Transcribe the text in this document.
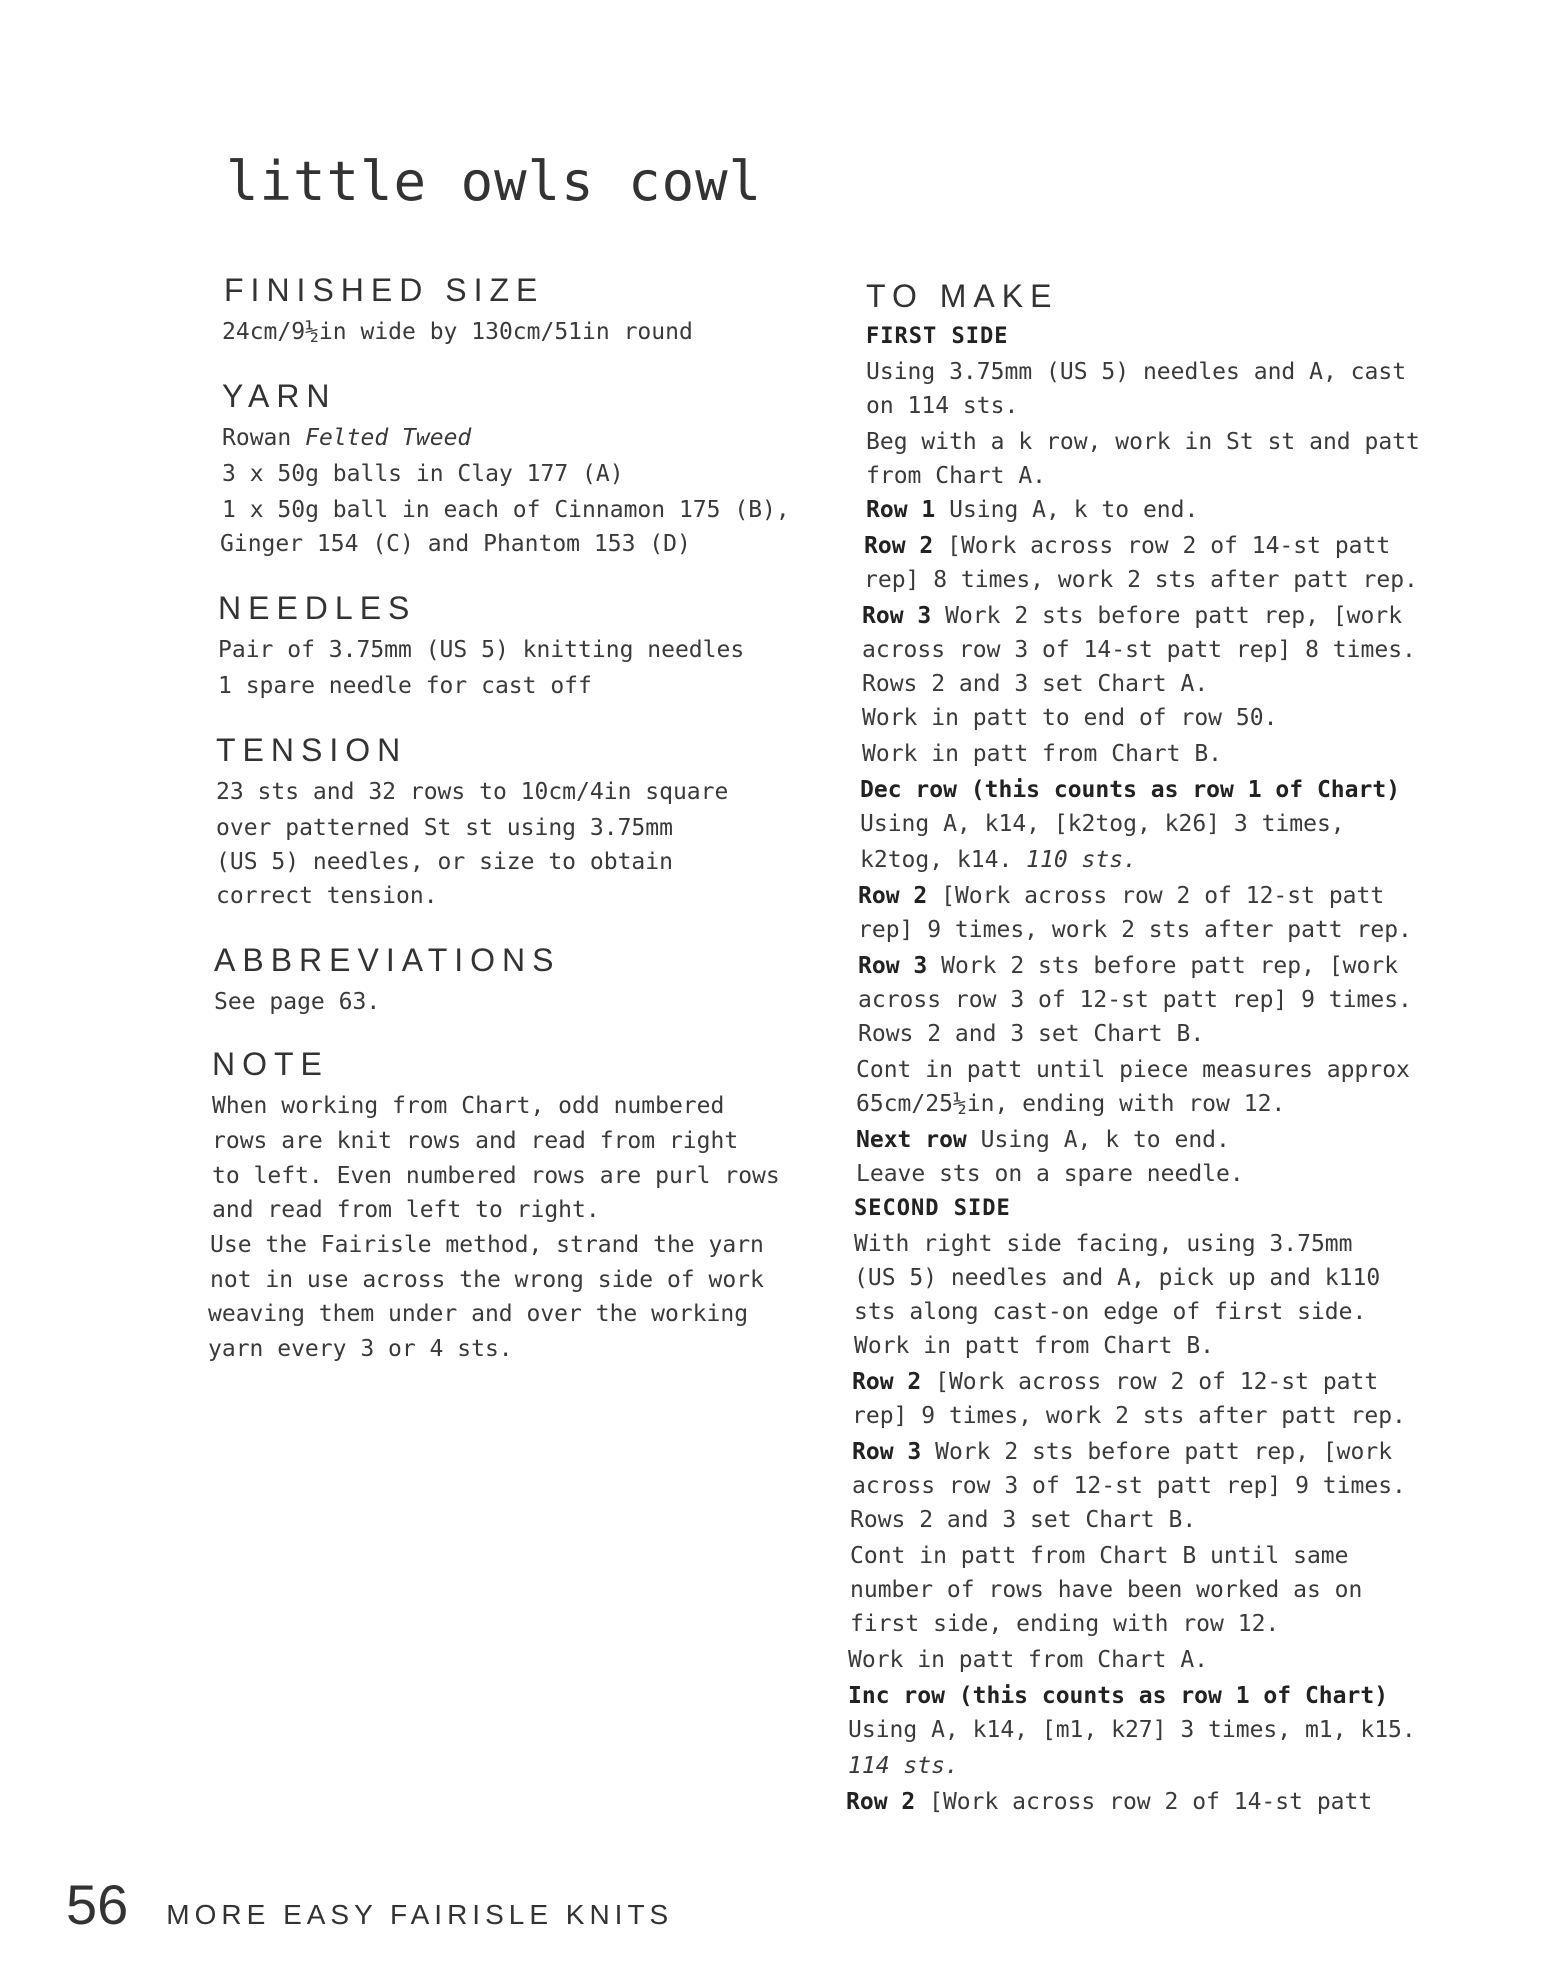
little owls cowl
FINISHED SIZE

24cm/9½in wide by 130cm/51in round

YARN

Rowan Felted Tweed

3 x 50g balls in Clay 177 (A)

1 x 50g ball in each of Cinnamon 175 (B),

Ginger 154 (C) and Phantom 153 (D)

NEEDLES

Pair of 3.75mm (US 5) knitting needles

1 spare needle for cast off

TENSION

23 sts and 32 rows to 10cm/4in square

over patterned St st using 3.75mm

(US 5) needles, or size to obtain

correct tension.

ABBREVIATIONS

See page 63.

NOTE

When working from Chart, odd numbered

rows are knit rows and read from right

to left. Even numbered rows are purl rows

and read from left to right.

Use the Fairisle method, strand the yarn

not in use across the wrong side of work

weaving them under and over the working

yarn every 3 or 4 sts.

TO MAKE

FIRST SIDE

SECOND SIDE

Using 3.75mm (US 5) needles and A, cast

on 114 sts.

Beg with a k row, work in St st and patt

from Chart A.

Row 1 Using A, k to end.

Row 2 [Work across row 2 of 14-st patt

rep] 8 times, work 2 sts after patt rep.

Row 3 Work 2 sts before patt rep, [work

across row 3 of 14-st patt rep] 8 times.

Rows 2 and 3 set Chart A.

Work in patt to end of row 50.

Work in patt from Chart B.

Dec row (this counts as row 1 of Chart)

Using A, k14, [k2tog, k26] 3 times,

k2tog, k14. 110 sts.

Row 2 [Work across row 2 of 12-st patt

rep] 9 times, work 2 sts after patt rep.

Row 3 Work 2 sts before patt rep, [work

across row 3 of 12-st patt rep] 9 times.

Rows 2 and 3 set Chart B.

Cont in patt until piece measures approx

65cm/25½in, ending with row 12.

Next row Using A, k to end.

Leave sts on a spare needle.

With right side facing, using 3.75mm

(US 5) needles and A, pick up and k110

sts along cast-on edge of first side.

Work in patt from Chart B.

Row 2 [Work across row 2 of 12-st patt

rep] 9 times, work 2 sts after patt rep.

Row 3 Work 2 sts before patt rep, [work

across row 3 of 12-st patt rep] 9 times.

Rows 2 and 3 set Chart B.

Cont in patt from Chart B until same

number of rows have been worked as on

first side, ending with row 12.

Work in patt from Chart A.

Inc row (this counts as row 1 of Chart)

Using A, k14, [m1, k27] 3 times, m1, k15.

114 sts.

Row 2 [Work across row 2 of 14-st patt

56 MORE EASY FAIRISLE KNITS
